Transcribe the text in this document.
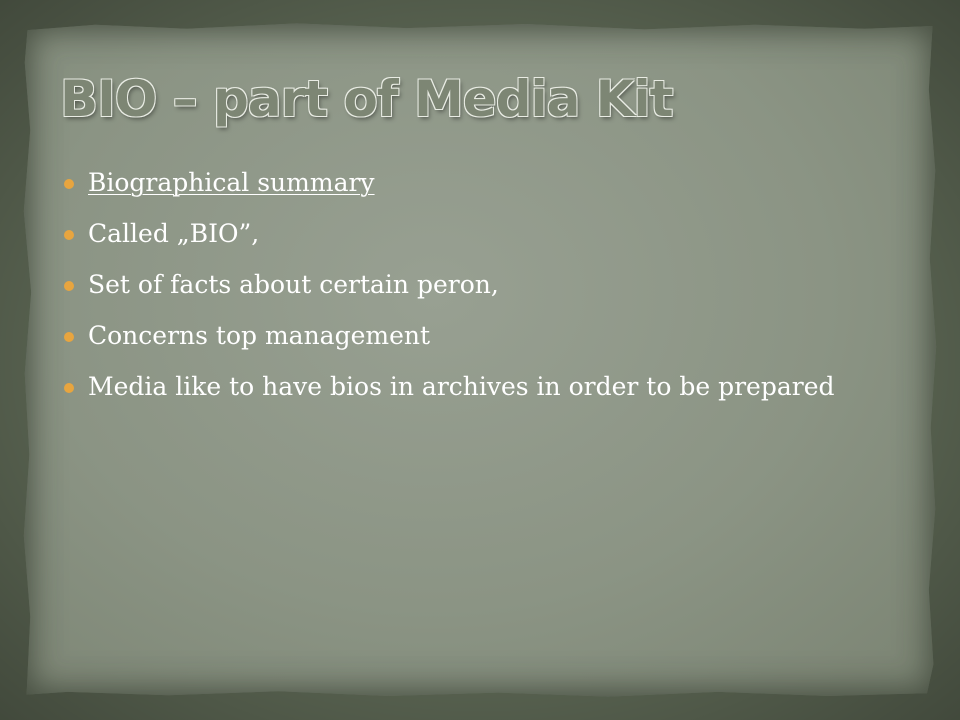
BIO – part of Media Kit
Biographical summary
Called „BIO”,
Set of facts about certain peron,
Concerns top management
Media like to have bios in archives in order to be prepared
